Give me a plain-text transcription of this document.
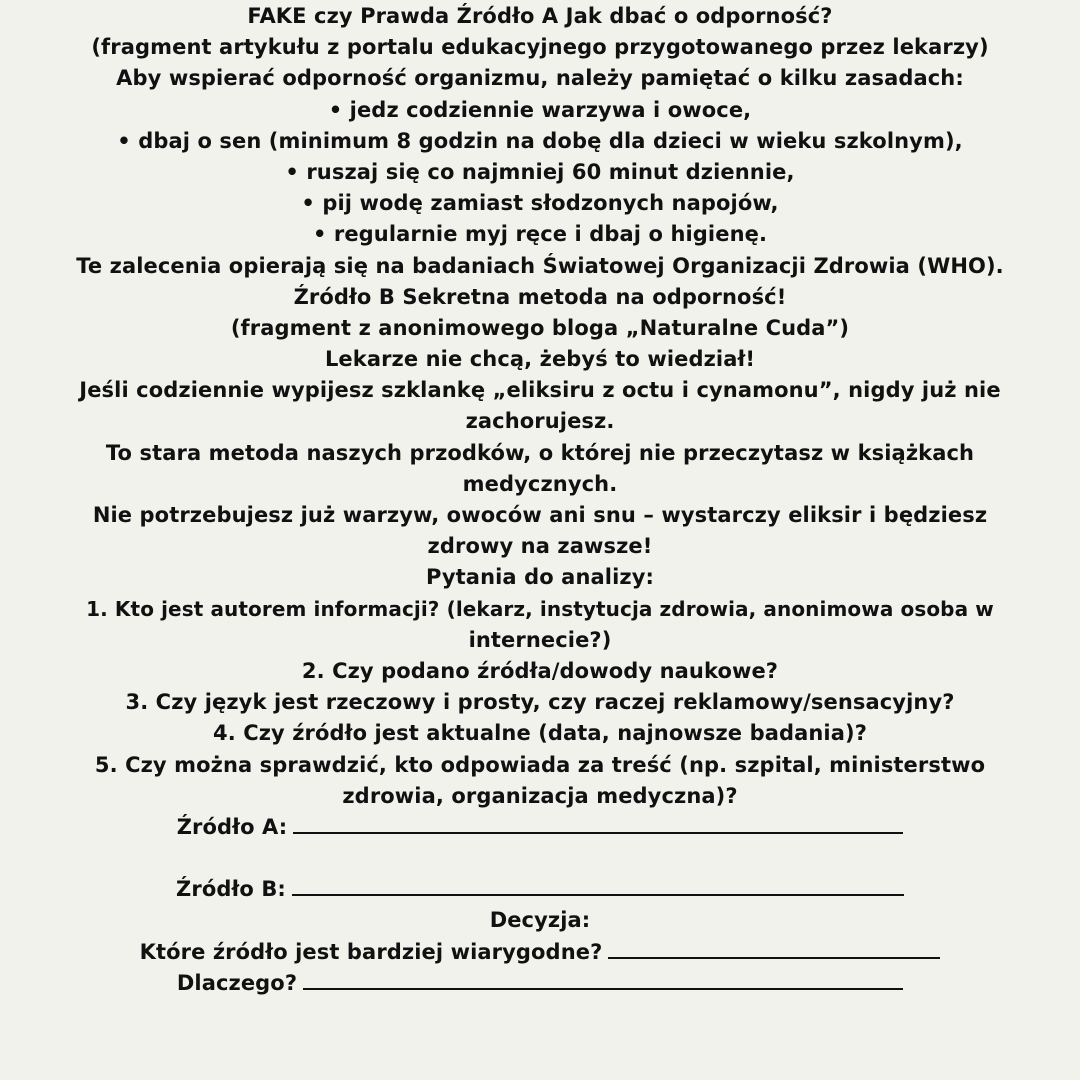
FAKE czy Prawda Źródło A Jak dbać o odporność?
(fragment artykułu z portalu edukacyjnego przygotowanego przez lekarzy)
Aby wspierać odporność organizmu, należy pamiętać o kilku zasadach:
• jedz codziennie warzywa i owoce,
• dbaj o sen (minimum 8 godzin na dobę dla dzieci w wieku szkolnym),
• ruszaj się co najmniej 60 minut dziennie,
• pij wodę zamiast słodzonych napojów,
• regularnie myj ręce i dbaj o higienę.
Te zalecenia opierają się na badaniach Światowej Organizacji Zdrowia (WHO).
Źródło B Sekretna metoda na odporność!
(fragment z anonimowego bloga „Naturalne Cuda”)
Lekarze nie chcą, żebyś to wiedział!
Jeśli codziennie wypijesz szklankę „eliksiru z octu i cynamonu”, nigdy już nie
zachorujesz.
To stara metoda naszych przodków, o której nie przeczytasz w książkach
medycznych.
Nie potrzebujesz już warzyw, owoców ani snu – wystarczy eliksir i będziesz
zdrowy na zawsze!
Pytania do analizy:
1. Kto jest autorem informacji? (lekarz, instytucja zdrowia, anonimowa osoba w
internecie?)
2. Czy podano źródła/dowody naukowe?
3. Czy język jest rzeczowy i prosty, czy raczej reklamowy/sensacyjny?
4. Czy źródło jest aktualne (data, najnowsze badania)?
5. Czy można sprawdzić, kto odpowiada za treść (np. szpital, ministerstwo
zdrowia, organizacja medyczna)?
Źródło A:
Źródło B:
Decyzja:
Które źródło jest bardziej wiarygodne?
Dlaczego?
